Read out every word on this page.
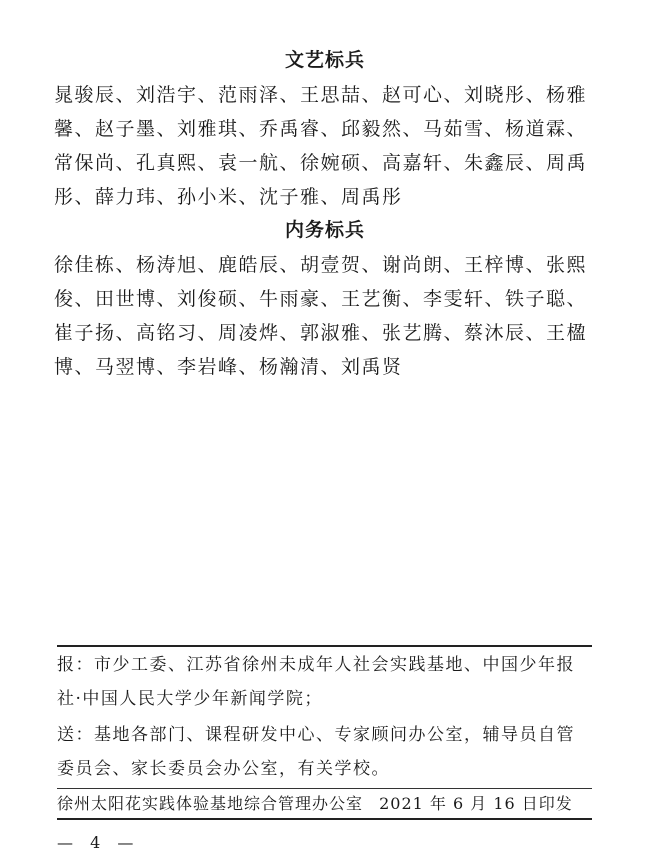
文艺标兵
晁骏辰、刘浩宇、范雨泽、王思喆、赵可心、刘晓彤、杨雅馨、赵子墨、刘雅琪、乔禹睿、邱毅然、马茹雪、杨道霖、常保尚、孔真熙、袁一航、徐婉硕、高嘉轩、朱鑫辰、周禹彤、薛力玮、孙小米、沈子雅、周禹彤
内务标兵
徐佳栋、杨涛旭、鹿皓辰、胡壹贺、谢尚朗、王梓博、张熙俊、田世博、刘俊硕、牛雨豪、王艺衡、李雯轩、铁子聪、崔子扬、高铭习、周凌烨、郭淑雅、张艺腾、蔡沐辰、王楹博、马翌博、李岩峰、杨瀚清、刘禹贤
报：市少工委、江苏省徐州未成年人社会实践基地、中国少年报
社·中国人民大学少年新闻学院；
送：基地各部门、课程研发中心、专家顾问办公室，辅导员自管
委员会、家长委员会办公室，有关学校。
徐州太阳花实践体验基地综合管理办公室 2021 年 6 月 16 日印发
— 4 —
